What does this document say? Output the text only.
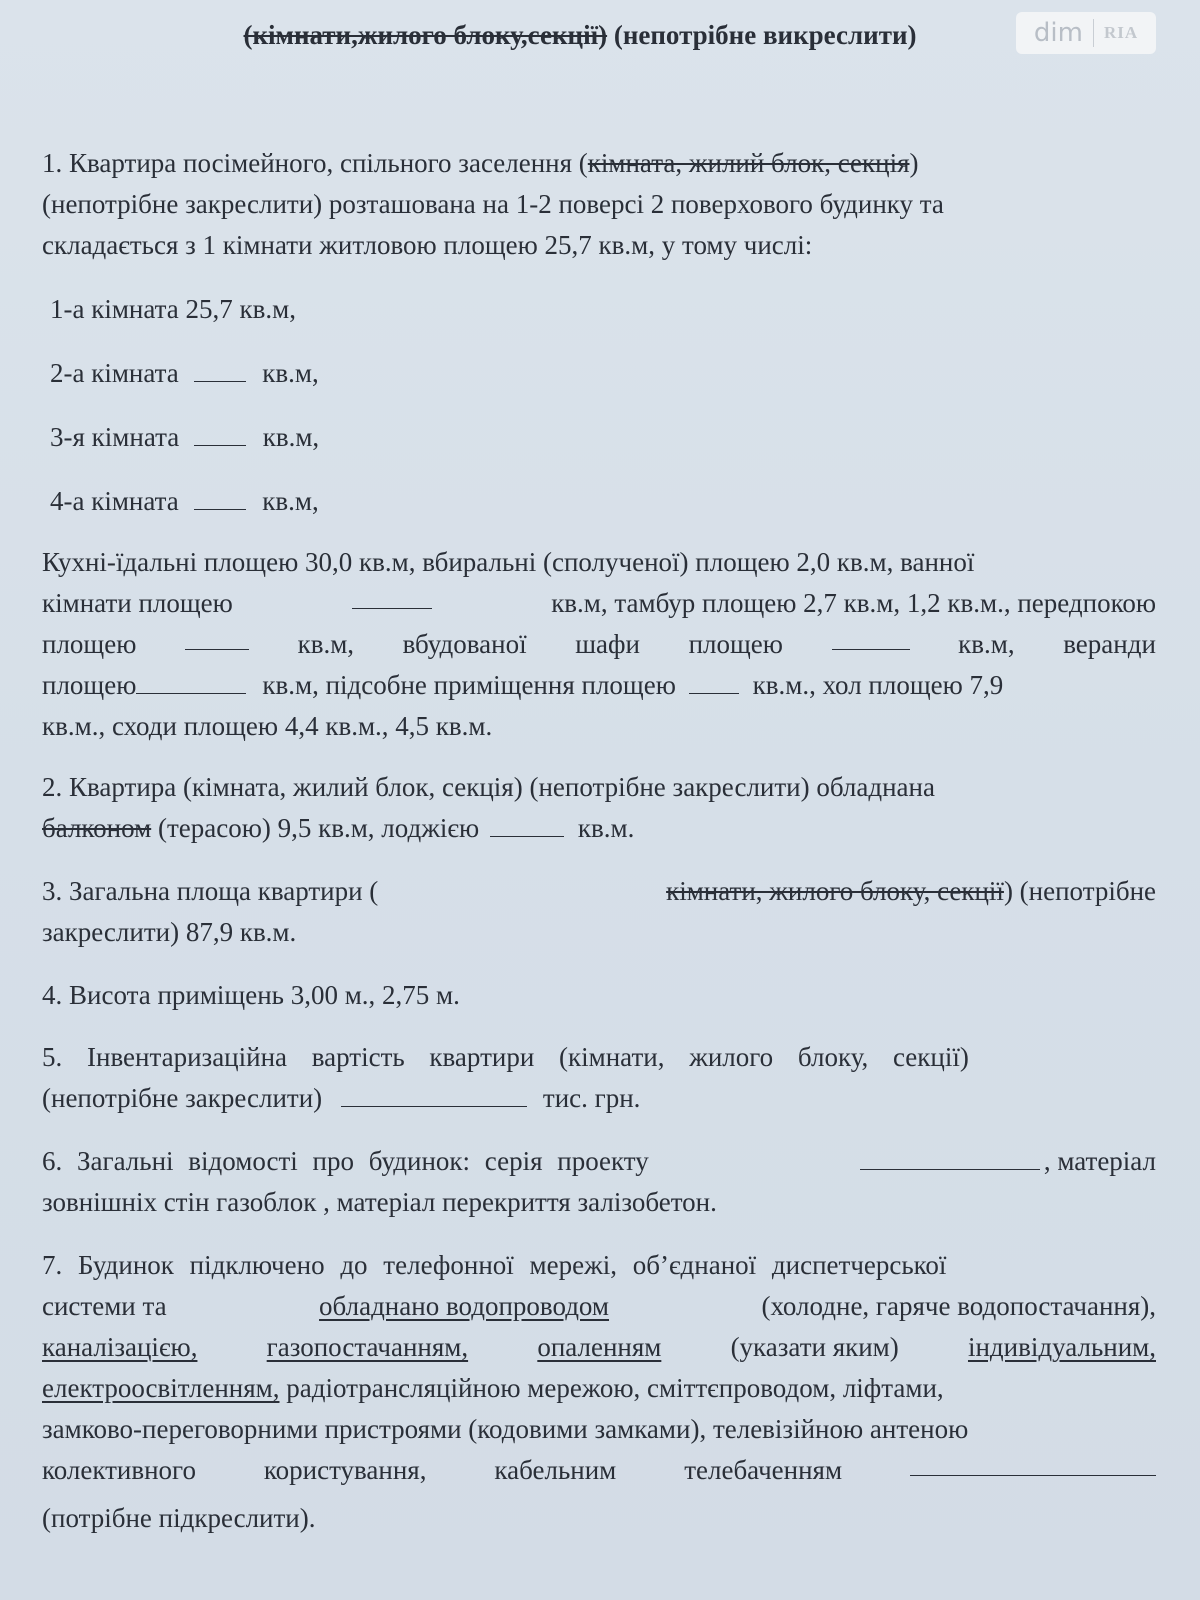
dim RIA
(кімнати,жилого блоку,секції) (непотрібне викреслити)
1. Квартира посімейного, спільного заселення (кімната, жилий блок, секція)
(непотрібне закреслити) розташована на 1-2 поверсі 2 поверхового будинку та
складається з 1 кімнати житловою площею 25,7 кв.м, у тому числі:
1-а кімната 25,7 кв.м,
2-а кімната	кв.м,
3-я кімната	кв.м,
4-а кімната	кв.м,
Кухні-їдальні площею 30,0 кв.м, вбиральні (сполученої) площею 2,0 кв.м, ванної
кімнати площею	кв.м, тамбур площею 2,7 кв.м, 1,2 кв.м., передпокою
площею	кв.м, вбудованої шафи площею	кв.м, веранди
площею	кв.м, підсобне приміщення площею	кв.м., хол площею 7,9
кв.м., сходи площею 4,4 кв.м., 4,5 кв.м.
2. Квартира (кімната, жилий блок, секція) (непотрібне закреслити) обладнана
балконом (терасою) 9,5 кв.м, лоджією	кв.м.
3. Загальна площа квартири (	кімнати, жилого блоку, секції) (непотрібне
закреслити) 87,9 кв.м.
4. Висота приміщень 3,00 м., 2,75 м.
5. Інвентаризаційна вартість квартири (кімнати, жилого блоку, секції)
(непотрібне закреслити)	тис. грн.
6. Загальні відомості про будинок: серія проекту	, матеріал
зовнішніх стін газоблок , матеріал перекриття залізобетон.
7. Будинок підключено до телефонної мережі, об’єднаної диспетчерської
системи та	обладнано водопроводом	(холодне, гаряче водопостачання),
каналізацією,	газопостачанням,	опаленням	(указати яким)	індивідуальним,
електроосвітленням, радіотрансляційною мережою, сміттєпроводом, ліфтами,
замково-переговорними пристроями (кодовими замками), телевізійною антеною
колективного	користування,	кабельним	телебаченням
(потрібне підкреслити).
